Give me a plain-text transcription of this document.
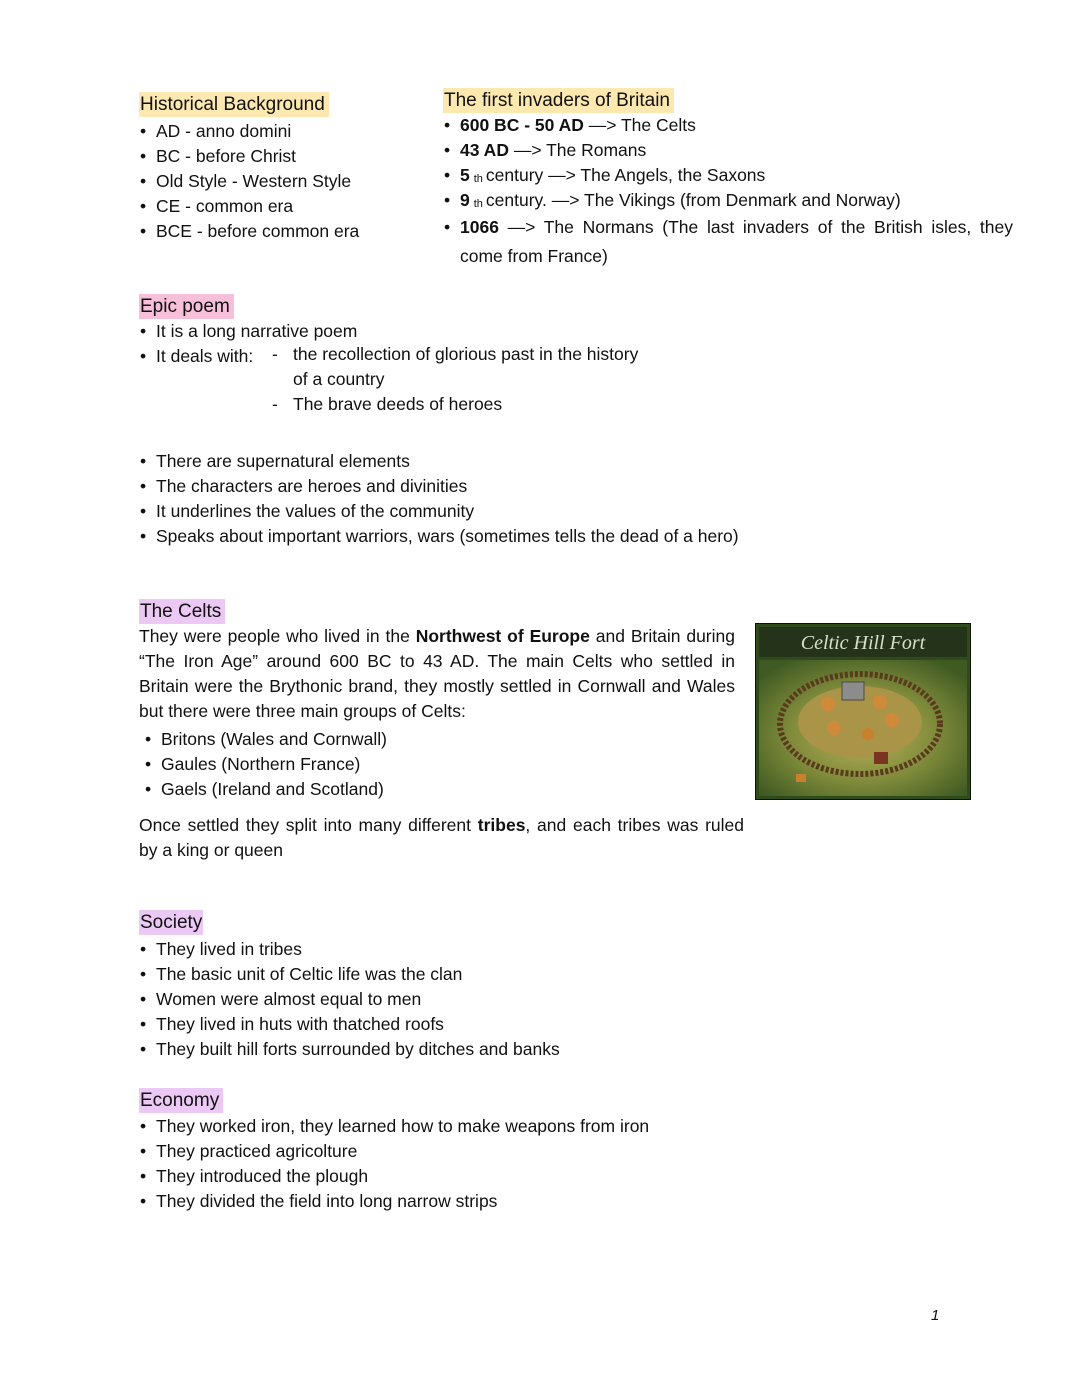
Historical Background
• AD - anno domini
• BC - before Christ
• Old Style - Western Style
• CE - common era
• BCE - before common era
The first invaders of Britain
• 600 BC - 50 AD —> The Celts
• 43 AD —> The Romans
• 5 $_{th}$ century —> The Angels, the Saxons
• 9 $_{th}$ century. —> The Vikings (from Denmark and Norway)
• 1066 —> The Normans (The last invaders of the British isles, they come from France)
Epic poem
• It is a long narrative poem
• It deals with:	- the recollection of glorious past in the history
of a country
- The brave deeds of heroes
• There are supernatural elements
• The characters are heroes and divinities
• It underlines the values of the community
• Speaks about important warriors, wars (sometimes tells the dead of a hero)
The Celts

They were people who lived in the Northwest of Europe and Britain during “The Iron Age” around 600 BC to 43 AD. The main Celts who settled in Britain were the Brythonic brand, they mostly settled in Cornwall and Wales but there were three main groups of Celts:

• Britons (Wales and Cornwall)
• Gaules (Northern France)
• Gaels (Ireland and Scotland)

Once settled they split into many different tribes, and each tribes was ruled by a king or queen

Celtic Hill Fort
Society
• They lived in tribes
• The basic unit of Celtic life was the clan
• Women were almost equal to men
• They lived in huts with thatched roofs
• They built hill forts surrounded by ditches and banks
Economy
• They worked iron, they learned how to make weapons from iron
• They practiced agricolture
• They introduced the plough
• They divided the field into long narrow strips
1
